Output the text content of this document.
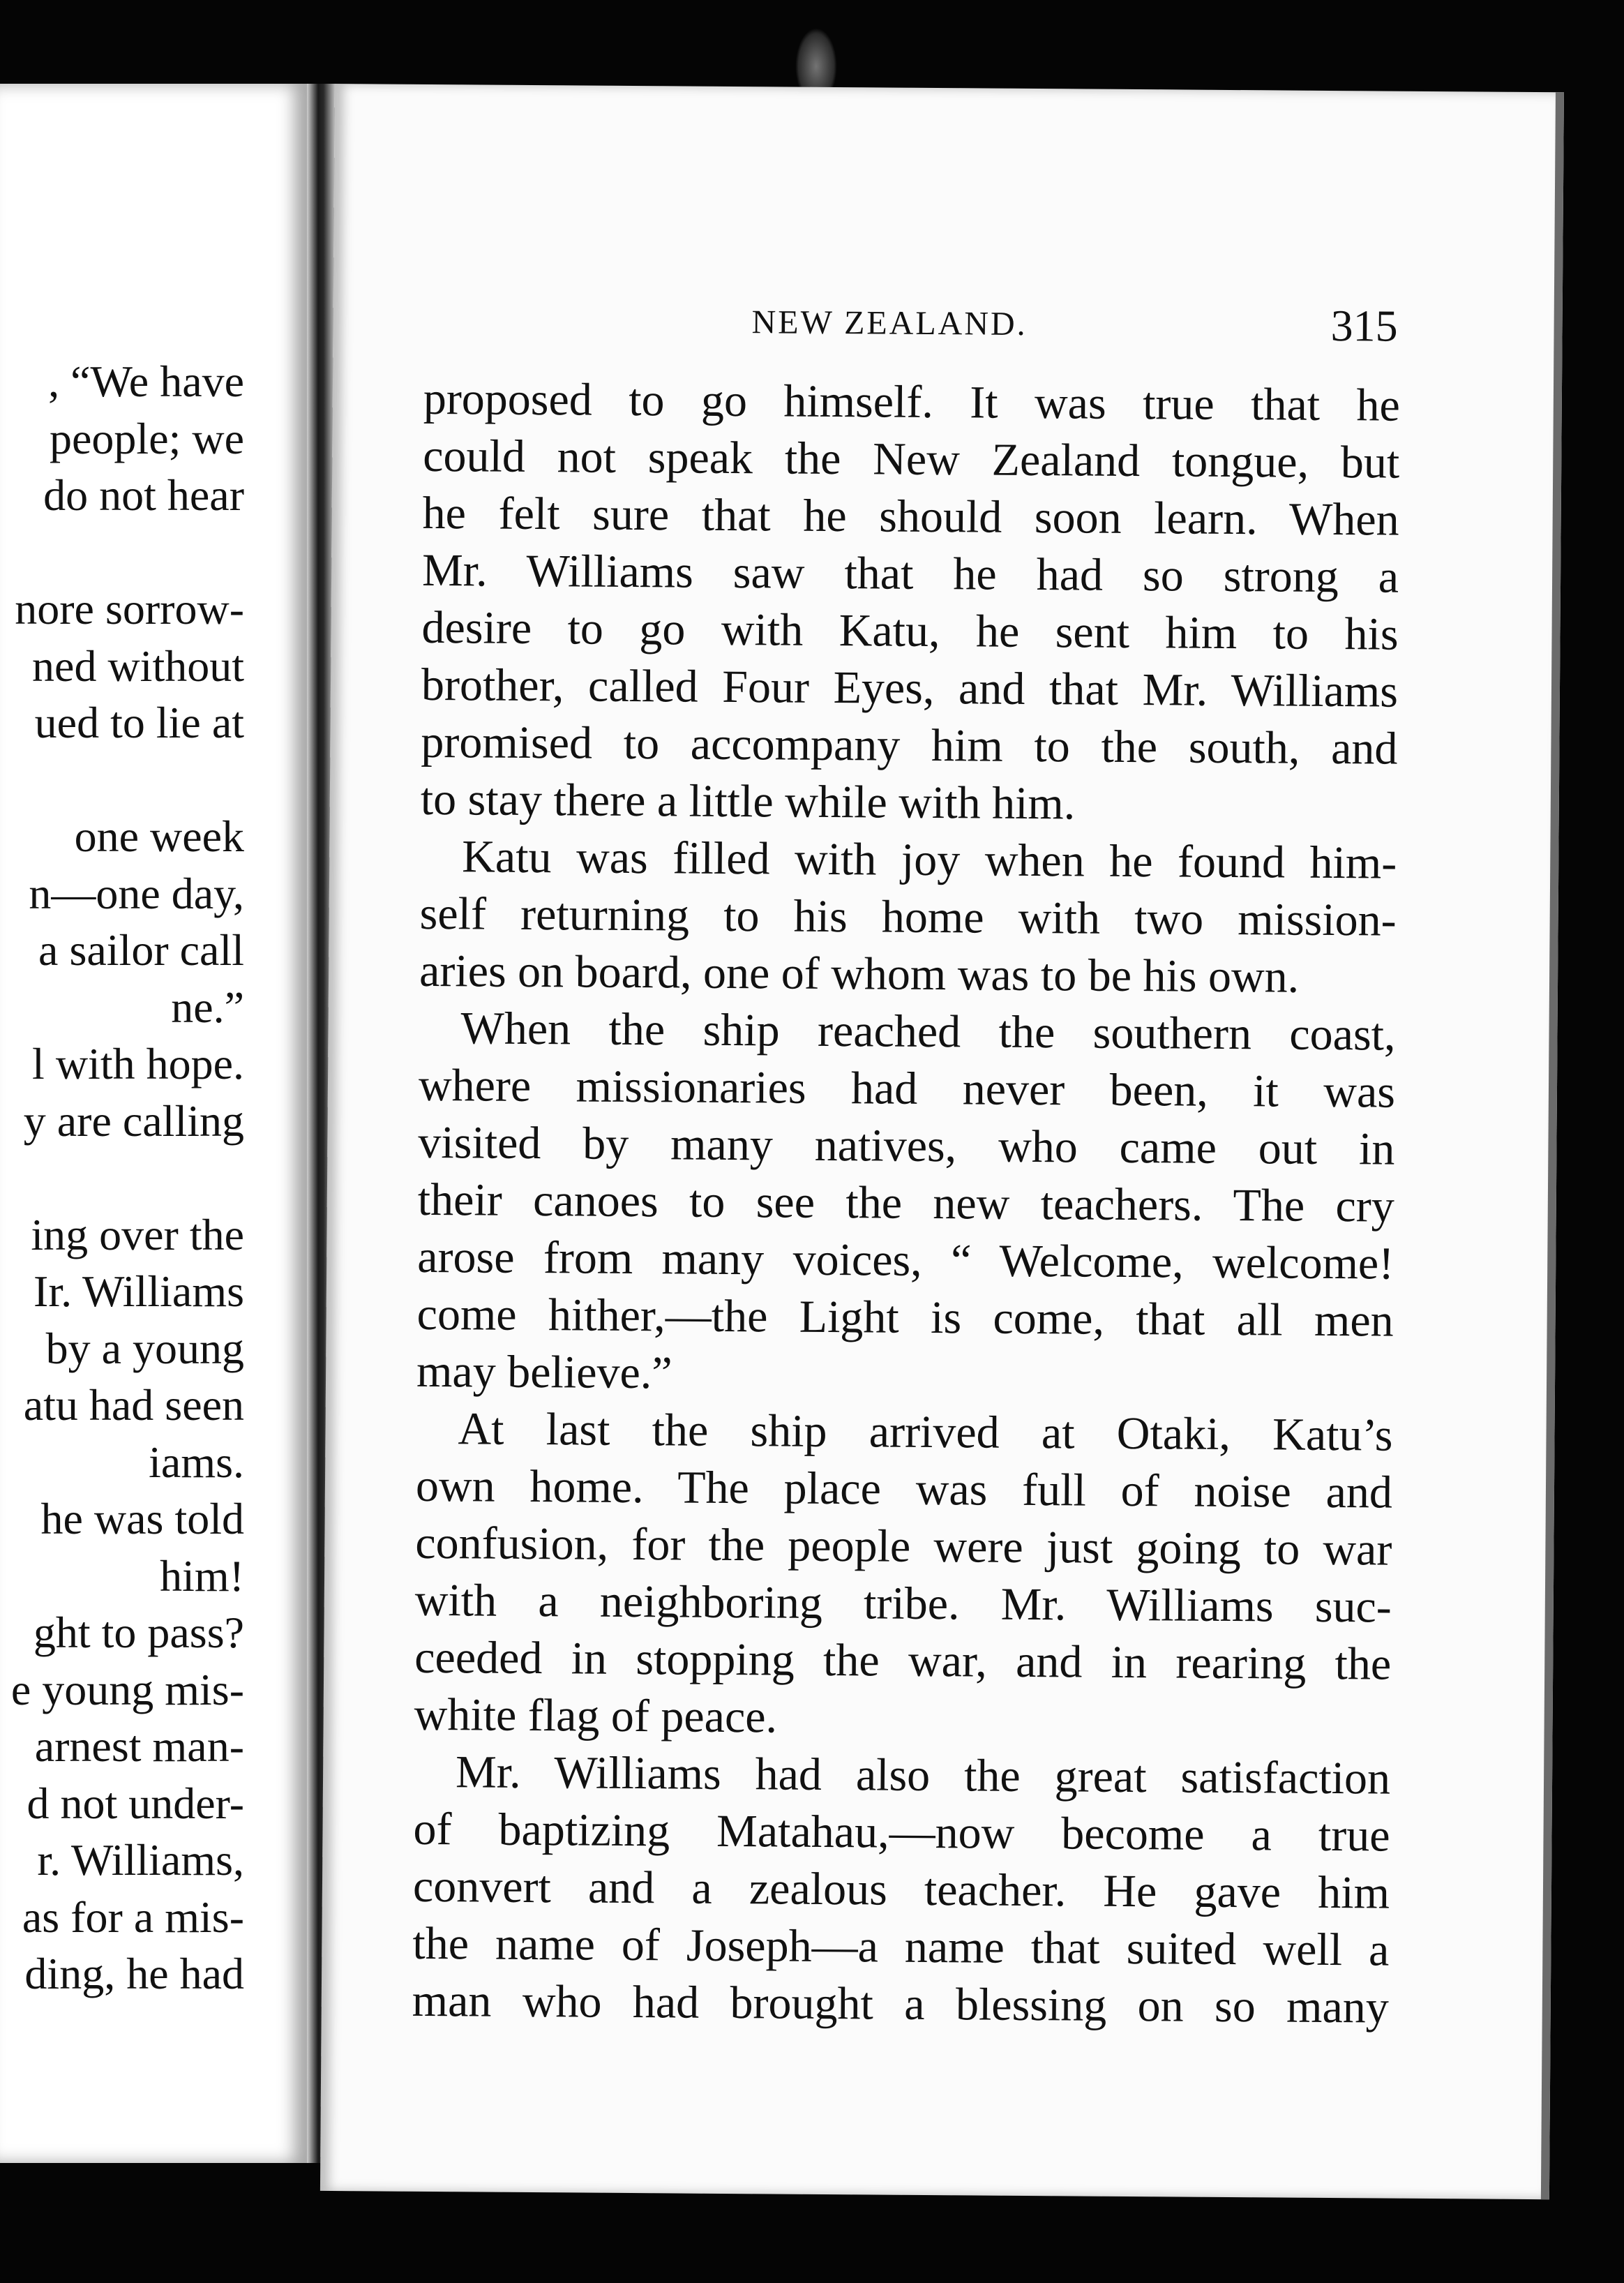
, “We have
people; we
do not hear
nore sorrow-
ned without
ued to lie at
one week
n—one day,
a sailor call
ne.”
l with hope.
y are calling
ing over the
Ir. Williams
by a young
atu had seen
iams.
he was told
him!
ght to pass?
e young mis-
arnest man-
d not under-
r. Williams,
as for a mis-
ding, he had
NEW ZEALAND.	315
proposed to go himself. It was true that he
could not speak the New Zealand tongue, but
he felt sure that he should soon learn. When
Mr. Williams saw that he had so strong a
desire to go with Katu, he sent him to his
brother, called Four Eyes, and that Mr. Williams
promised to accompany him to the south, and
to stay there a little while with him.
Katu was filled with joy when he found him-
self returning to his home with two mission-
aries on board, one of whom was to be his own.
When the ship reached the southern coast,
where missionaries had never been, it was
visited by many natives, who came out in
their canoes to see the new teachers. The cry
arose from many voices, “ Welcome, welcome!
come hither,—the Light is come, that all men
may believe.”
At last the ship arrived at Otaki, Katu’s
own home. The place was full of noise and
confusion, for the people were just going to war
with a neighboring tribe. Mr. Williams suc-
ceeded in stopping the war, and in rearing the
white flag of peace.
Mr. Williams had also the great satisfaction
of baptizing Matahau,—now become a true
convert and a zealous teacher. He gave him
the name of Joseph—a name that suited well a
man who had brought a blessing on so many
